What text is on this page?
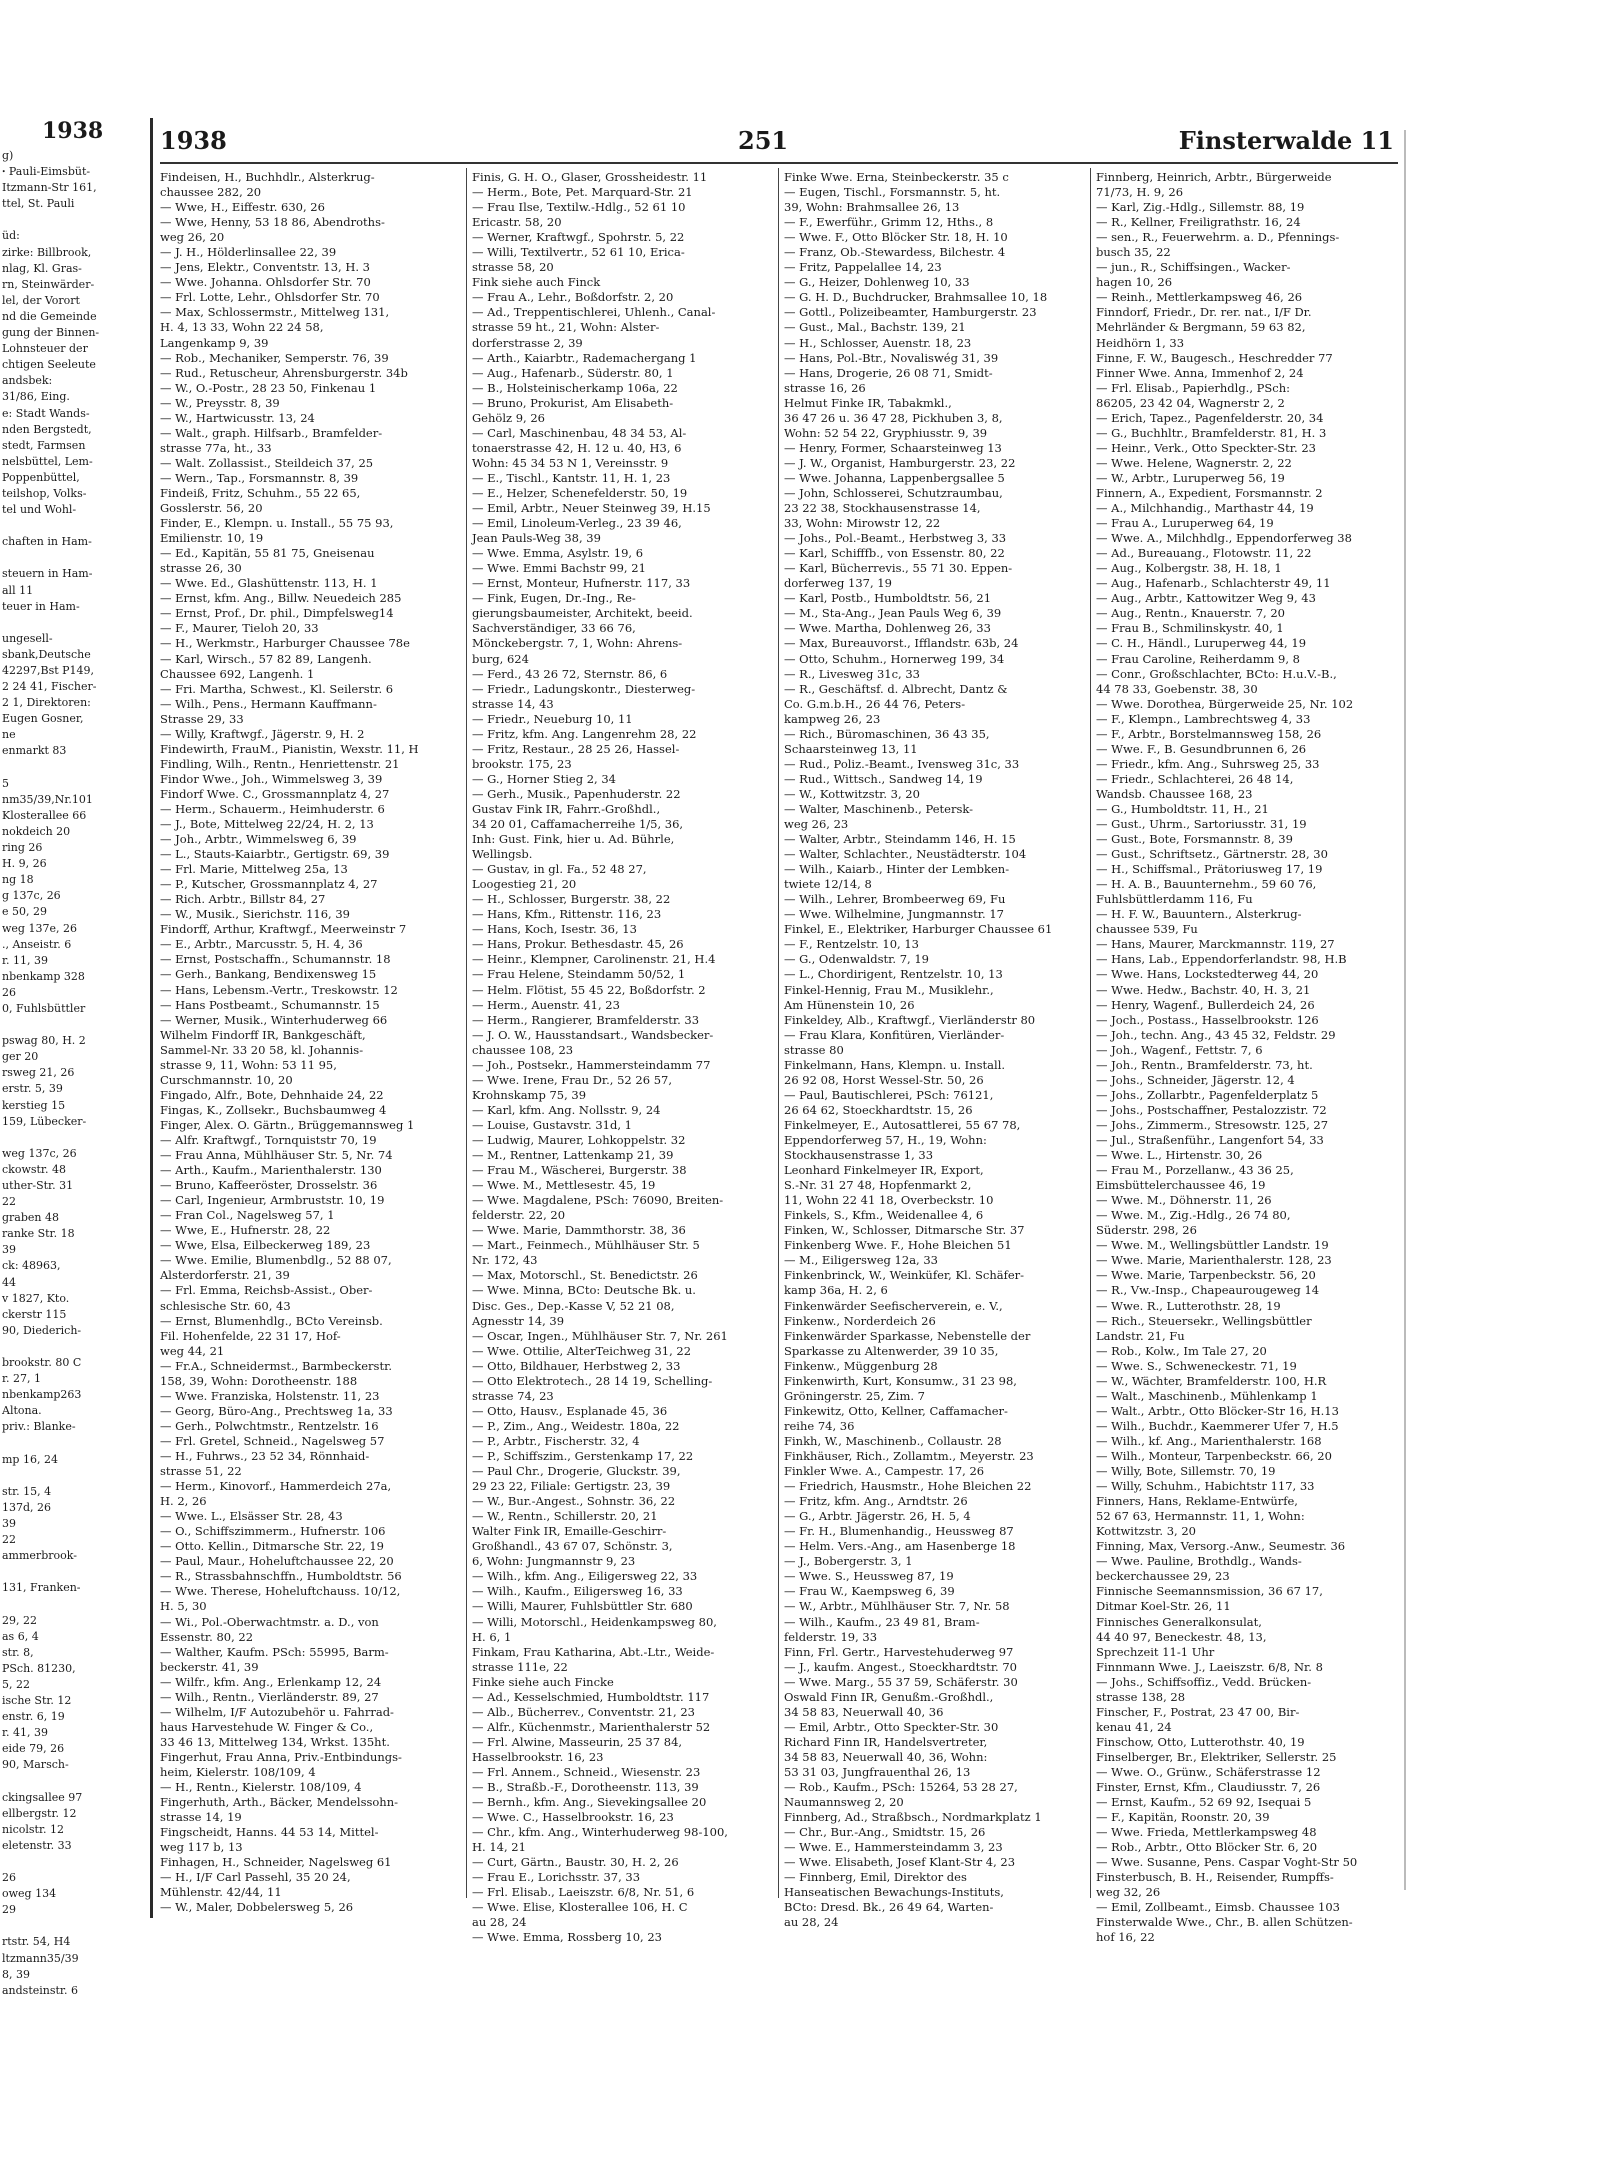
1938
g)
ꞏ Pauli-Eimsbüt-
Itzmann-Str 161,
ttel, St. Pauli

üd:
zirke: Billbrook,
nlag, Kl. Gras-
rn, Steinwärder-
lel, der Vorort
nd die Gemeinde
gung der Binnen-
Lohnsteuer der
chtigen Seeleute
andsbek:
31/86, Eing.
e: Stadt Wands-
nden Bergstedt,
stedt, Farmsen
nelsbüttel, Lem-
Poppenbüttel,
teilshop, Volks-
tel und Wohl-

chaften in Ham-

steuern in Ham-
all 11
teuer in Ham-

ungesell-
sbank,Deutsche
42297,Bst P149,
2 24 41, Fischer-
2 1, Direktoren:
Eugen Gosner,
ne
enmarkt 83

5
nm35/39,Nr.101
Klosterallee 66
nokdeich 20
ring 26
H. 9, 26
ng 18
g 137c, 26
e 50, 29
weg 137e, 26
., Anseistr. 6
r. 11, 39
nbenkamp 328
26
0, Fuhlsbüttler

pswag 80, H. 2
ger 20
rsweg 21, 26
erstr. 5, 39
kerstieg 15
159, Lübecker-

weg 137c, 26
ckowstr. 48
uther-Str. 31
22
graben 48
ranke Str. 18
39
ck: 48963,
44
v 1827, Kto.
ckerstr 115
90, Diederich-

brookstr. 80 C
r. 27, 1
nbenkamp263
Altona.
priv.: Blanke-

mp 16, 24

str. 15, 4
137d, 26
39
22
ammerbrook-

131, Franken-

29, 22
as 6, 4
str. 8,
PSch. 81230,
5, 22
ische Str. 12
enstr. 6, 19
r. 41, 39
eide 79, 26
90, Marsch-

ckingsallee 97
ellbergstr. 12
nicolstr. 12
eletenstr. 33

26
oweg 134
29

rtstr. 54, H4
ltzmann35/39
8, 39
andsteinstr. 6
1938	251	Finsterwalde 11
Findeisen, H., Buchhdlr., Alsterkrug-
chaussee 282, 20
— Wwe, H., Eiffestr. 630, 26
— Wwe, Henny, 53 18 86, Abendroths-
weg 26, 20
— J. H., Hölderlinsallee 22, 39
— Jens, Elektr., Conventstr. 13, H. 3
— Wwe. Johanna. Ohlsdorfer Str. 70
— Frl. Lotte, Lehr., Ohlsdorfer Str. 70
— Max, Schlossermstr., Mittelweg 131,
H. 4, 13 33, Wohn 22 24 58,
Langenkamp 9, 39
— Rob., Mechaniker, Semperstr. 76, 39
— Rud., Retuscheur, Ahrensburgerstr. 34b
— W., O.-Postr., 28 23 50, Finkenau 1
— W., Preysstr. 8, 39
— W., Hartwicusstr. 13, 24
— Walt., graph. Hilfsarb., Bramfelder-
strasse 77a, ht., 33
— Walt. Zollassist., Steildeich 37, 25
— Wern., Tap., Forsmannstr. 8, 39
Findeiß, Fritz, Schuhm., 55 22 65,
Gosslerstr. 56, 20
Finder, E., Klempn. u. Install., 55 75 93,
Emilienstr. 10, 19
— Ed., Kapitän, 55 81 75, Gneisenau
strasse 26, 30
— Wwe. Ed., Glashüttenstr. 113, H. 1
— Ernst, kfm. Ang., Billw. Neuedeich 285
— Ernst, Prof., Dr. phil., Dimpfelsweg14
— F., Maurer, Tieloh 20, 33
— H., Werkmstr., Harburger Chaussee 78e
— Karl, Wirsch., 57 82 89, Langenh.
Chaussee 692, Langenh. 1
— Fri. Martha, Schwest., Kl. Seilerstr. 6
— Wilh., Pens., Hermann Kauffmann-
Strasse 29, 33
— Willy, Kraftwgf., Jägerstr. 9, H. 2
Findewirth, FrauM., Pianistin, Wexstr. 11, H
Findling, Wilh., Rentn., Henriettenstr. 21
Findor Wwe., Joh., Wimmelsweg 3, 39
Findorf Wwe. C., Grossmannplatz 4, 27
— Herm., Schauerm., Heimhuderstr. 6
— J., Bote, Mittelweg 22/24, H. 2, 13
— Joh., Arbtr., Wimmelsweg 6, 39
— L., Stauts-Kaiarbtr., Gertigstr. 69, 39
— Frl. Marie, Mittelweg 25a, 13
— P., Kutscher, Grossmannplatz 4, 27
— Rich. Arbtr., Billstr 84, 27
— W., Musik., Sierichstr. 116, 39
Findorff, Arthur, Kraftwgf., Meerweinstr 7
— E., Arbtr., Marcusstr. 5, H. 4, 36
— Ernst, Postschaffn., Schumannstr. 18
— Gerh., Bankang, Bendixensweg 15
— Hans, Lebensm.-Vertr., Treskowstr. 12
— Hans Postbeamt., Schumannstr. 15
— Werner, Musik., Winterhuderweg 66
Wilhelm Findorff IR, Bankgeschäft,
Sammel-Nr. 33 20 58, kl. Johannis-
strasse 9, 11, Wohn: 53 11 95,
Curschmannstr. 10, 20
Fingado, Alfr., Bote, Dehnhaide 24, 22
Fingas, K., Zollsekr., Buchsbaumweg 4
Finger, Alex. O. Gärtn., Brüggemannsweg 1
— Alfr. Kraftwgf., Tornquiststr 70, 19
— Frau Anna, Mühlhäuser Str. 5, Nr. 74
— Arth., Kaufm., Marienthalerstr. 130
— Bruno, Kaffeeröster, Drosselstr. 36
— Carl, Ingenieur, Armbruststr. 10, 19
— Fran Col., Nagelsweg 57, 1
— Wwe, E., Hufnerstr. 28, 22
— Wwe, Elsa, Eilbeckerweg 189, 23
— Wwe. Emilie, Blumenbdlg., 52 88 07,
Alsterdorferstr. 21, 39
— Frl. Emma, Reichsb-Assist., Ober-
schlesische Str. 60, 43
— Ernst, Blumenhdlg., BCto Vereinsb.
Fil. Hohenfelde, 22 31 17, Hof-
weg 44, 21
— Fr.A., Schneidermst., Barmbeckerstr.
158, 39, Wohn: Dorotheenstr. 188
— Wwe. Franziska, Holstenstr. 11, 23
— Georg, Büro-Ang., Prechtsweg 1a, 33
— Gerh., Polwchtmstr., Rentzelstr. 16
— Frl. Gretel, Schneid., Nagelsweg 57
— H., Fuhrws., 23 52 34, Rönnhaid-
strasse 51, 22
— Herm., Kinovorf., Hammerdeich 27a,
H. 2, 26
— Wwe. L., Elsässer Str. 28, 43
— O., Schiffszimmerm., Hufnerstr. 106
— Otto. Kellin., Ditmarsche Str. 22, 19
— Paul, Maur., Hoheluftchaussee 22, 20
— R., Strassbahnschffn., Humboldtstr. 56
— Wwe. Therese, Hoheluftchauss. 10/12,
H. 5, 30
— Wi., Pol.-Oberwachtmstr. a. D., von
Essenstr. 80, 22
— Walther, Kaufm. PSch: 55995, Barm-
beckerstr. 41, 39
— Wilfr., kfm. Ang., Erlenkamp 12, 24
— Wilh., Rentn., Vierländerstr. 89, 27
— Wilhelm, I/F Autozubehör u. Fahrrad-
haus Harvestehude W. Finger & Co.,
33 46 13, Mittelweg 134, Wrkst. 135ht.
Fingerhut, Frau Anna, Priv.-Entbindungs-
heim, Kielerstr. 108/109, 4
— H., Rentn., Kielerstr. 108/109, 4
Fingerhuth, Arth., Bäcker, Mendelssohn-
strasse 14, 19
Fingscheidt, Hanns. 44 53 14, Mittel-
weg 117 b, 13
Finhagen, H., Schneider, Nagelsweg 61
— H., I/F Carl Passehl, 35 20 24,
Mühlenstr. 42/44, 11
— W., Maler, Dobbelersweg 5, 26
Finis, G. H. O., Glaser, Grossheidestr. 11
— Herm., Bote, Pet. Marquard-Str. 21
— Frau Ilse, Textilw.-Hdlg., 52 61 10
Ericastr. 58, 20
— Werner, Kraftwgf., Spohrstr. 5, 22
— Willi, Textilvertr., 52 61 10, Erica-
strasse 58, 20
Fink siehe auch Finck
— Frau A., Lehr., Boßdorfstr. 2, 20
— Ad., Treppentischlerei, Uhlenh., Canal-
strasse 59 ht., 21, Wohn: Alster-
dorferstrasse 2, 39
— Arth., Kaiarbtr., Rademachergang 1
— Aug., Hafenarb., Süderstr. 80, 1
— B., Holsteinischerkamp 106a, 22
— Bruno, Prokurist, Am Elisabeth-
Gehölz 9, 26
— Carl, Maschinenbau, 48 34 53, Al-
tonaerstrasse 42, H. 12 u. 40, H3, 6
Wohn: 45 34 53 N 1, Vereinsstr. 9
— E., Tischl., Kantstr. 11, H. 1, 23
— E., Helzer, Schenefelderstr. 50, 19
— Emil, Arbtr., Neuer Steinweg 39, H.15
— Emil, Linoleum-Verleg., 23 39 46,
Jean Pauls-Weg 38, 39
— Wwe. Emma, Asylstr. 19, 6
— Wwe. Emmi Bachstr 99, 21
— Ernst, Monteur, Hufnerstr. 117, 33
— Fink, Eugen, Dr.-Ing., Re-
gierungsbaumeister, Architekt, beeid.
Sachverständiger, 33 66 76,
Mönckebergstr. 7, 1, Wohn: Ahrens-
burg, 624
— Ferd., 43 26 72, Sternstr. 86, 6
— Friedr., Ladungskontr., Diesterweg-
strasse 14, 43
— Friedr., Neueburg 10, 11
— Fritz, kfm. Ang. Langenrehm 28, 22
— Fritz, Restaur., 28 25 26, Hassel-
brookstr. 175, 23
— G., Horner Stieg 2, 34
— Gerh., Musik., Papenhuderstr. 22
Gustav Fink IR, Fahrr.-Großhdl.,
34 20 01, Caffamacherreihe 1/5, 36,
Inh: Gust. Fink, hier u. Ad. Bührle,
Wellingsb.
— Gustav, in gl. Fa., 52 48 27,
Loogestieg 21, 20
— H., Schlosser, Burgerstr. 38, 22
— Hans, Kfm., Rittenstr. 116, 23
— Hans, Koch, Isestr. 36, 13
— Hans, Prokur. Bethesdastr. 45, 26
— Heinr., Klempner, Carolinenstr. 21, H.4
— Frau Helene, Steindamm 50/52, 1
— Helm. Flötist, 55 45 22, Boßdorfstr. 2
— Herm., Auenstr. 41, 23
— Herm., Rangierer, Bramfelderstr. 33
— J. O. W., Hausstandsart., Wandsbecker-
chaussee 108, 23
— Joh., Postsekr., Hammersteindamm 77
— Wwe. Irene, Frau Dr., 52 26 57,
Krohnskamp 75, 39
— Karl, kfm. Ang. Nollsstr. 9, 24
— Louise, Gustavstr. 31d, 1
— Ludwig, Maurer, Lohkoppelstr. 32
— M., Rentner, Lattenkamp 21, 39
— Frau M., Wäscherei, Burgerstr. 38
— Wwe. M., Mettlesestr. 45, 19
— Wwe. Magdalene, PSch: 76090, Breiten-
felderstr. 22, 20
— Wwe. Marie, Dammthorstr. 38, 36
— Mart., Feinmech., Mühlhäuser Str. 5
Nr. 172, 43
— Max, Motorschl., St. Benedictstr. 26
— Wwe. Minna, BCto: Deutsche Bk. u.
Disc. Ges., Dep.-Kasse V, 52 21 08,
Agnesstr 14, 39
— Oscar, Ingen., Mühlhäuser Str. 7, Nr. 261
— Wwe. Ottilie, AlterTeichweg 31, 22
— Otto, Bildhauer, Herbstweg 2, 33
— Otto Elektrotech., 28 14 19, Schelling-
strasse 74, 23
— Otto, Hausv., Esplanade 45, 36
— P., Zim., Ang., Weidestr. 180a, 22
— P., Arbtr., Fischerstr. 32, 4
— P., Schiffszim., Gerstenkamp 17, 22
— Paul Chr., Drogerie, Gluckstr. 39,
29 23 22, Filiale: Gertigstr. 23, 39
— W., Bur.-Angest., Sohnstr. 36, 22
— W., Rentn., Schillerstr. 20, 21
Walter Fink IR, Emaille-Geschirr-
Großhandl., 43 67 07, Schönstr. 3,
6, Wohn: Jungmannstr 9, 23
— Wilh., kfm. Ang., Eiligersweg 22, 33
— Wilh., Kaufm., Eiligersweg 16, 33
— Willi, Maurer, Fuhlsbüttler Str. 680
— Willi, Motorschl., Heidenkampsweg 80,
H. 6, 1
Finkam, Frau Katharina, Abt.-Ltr., Weide-
strasse 111e, 22
Finke siehe auch Fincke
— Ad., Kesselschmied, Humboldtstr. 117
— Alb., Bücherrev., Conventstr. 21, 23
— Alfr., Küchenmstr., Marienthalerstr 52
— Frl. Alwine, Masseurin, 25 37 84,
Hasselbrookstr. 16, 23
— Frl. Annem., Schneid., Wiesenstr. 23
— B., Straßb.-F., Dorotheenstr. 113, 39
— Bernh., kfm. Ang., Sievekingsallee 20
— Wwe. C., Hasselbrookstr. 16, 23
— Chr., kfm. Ang., Winterhuderweg 98-100,
H. 14, 21
— Curt, Gärtn., Baustr. 30, H. 2, 26
— Frau E., Lorichsstr. 37, 33
— Frl. Elisab., Laeiszstr. 6/8, Nr. 51, 6
— Wwe. Elise, Klosterallee 106, H. C
au 28, 24
— Wwe. Emma, Rossberg 10, 23
Finke Wwe. Erna, Steinbeckerstr. 35 c
— Eugen, Tischl., Forsmannstr. 5, ht.
39, Wohn: Brahmsallee 26, 13
— F., Ewerführ., Grimm 12, Hths., 8
— Wwe. F., Otto Blöcker Str. 18, H. 10
— Franz, Ob.-Stewardess, Bilchestr. 4
— Fritz, Pappelallee 14, 23
— G., Heizer, Dohlenweg 10, 33
— G. H. D., Buchdrucker, Brahmsallee 10, 18
— Gottl., Polizeibeamter, Hamburgerstr. 23
— Gust., Mal., Bachstr. 139, 21
— H., Schlosser, Auenstr. 18, 23
— Hans, Pol.-Btr., Novaliswég 31, 39
— Hans, Drogerie, 26 08 71, Smidt-
strasse 16, 26
Helmut Finke IR, Tabakmkl.,
36 47 26 u. 36 47 28, Pickhuben 3, 8,
Wohn: 52 54 22, Gryphiusstr. 9, 39
— Henry, Former, Schaarsteinweg 13
— J. W., Organist, Hamburgerstr. 23, 22
— Wwe. Johanna, Lappenbergsallee 5
— John, Schlosserei, Schutzraumbau,
23 22 38, Stockhausenstrasse 14,
33, Wohn: Mirowstr 12, 22
— Johs., Pol.-Beamt., Herbstweg 3, 33
— Karl, Schifffb., von Essenstr. 80, 22
— Karl, Bücherrevis., 55 71 30. Eppen-
dorferweg 137, 19
— Karl, Postb., Humboldtstr. 56, 21
— M., Sta-Ang., Jean Pauls Weg 6, 39
— Wwe. Martha, Dohlenweg 26, 33
— Max, Bureauvorst., Ifflandstr. 63b, 24
— Otto, Schuhm., Hornerweg 199, 34
— R., Livesweg 31c, 33
— R., Geschäftsf. d. Albrecht, Dantz &
Co. G.m.b.H., 26 44 76, Peters-
kampweg 26, 23
— Rich., Büromaschinen, 36 43 35,
Schaarsteinweg 13, 11
— Rud., Poliz.-Beamt., Ivensweg 31c, 33
— Rud., Wittsch., Sandweg 14, 19
— W., Kottwitzstr. 3, 20
— Walter, Maschinenb., Petersk-
weg 26, 23
— Walter, Arbtr., Steindamm 146, H. 15
— Walter, Schlachter., Neustädterstr. 104
— Wilh., Kaiarb., Hinter der Lembken-
twiete 12/14, 8
— Wilh., Lehrer, Brombeerweg 69, Fu
— Wwe. Wilhelmine, Jungmannstr. 17
Finkel, E., Elektriker, Harburger Chaussee 61
— F., Rentzelstr. 10, 13
— G., Odenwaldstr. 7, 19
— L., Chordirigent, Rentzelstr. 10, 13
Finkel-Hennig, Frau M., Musiklehr.,
Am Hünenstein 10, 26
Finkeldey, Alb., Kraftwgf., Vierländerstr 80
— Frau Klara, Konfitüren, Vierländer-
strasse 80
Finkelmann, Hans, Klempn. u. Install.
26 92 08, Horst Wessel-Str. 50, 26
— Paul, Bautischlerei, PSch: 76121,
26 64 62, Stoeckhardtstr. 15, 26
Finkelmeyer, E., Autosattlerei, 55 67 78,
Eppendorferweg 57, H., 19, Wohn:
Stockhausenstrasse 1, 33
Leonhard Finkelmeyer IR, Export,
S.-Nr. 31 27 48, Hopfenmarkt 2,
11, Wohn 22 41 18, Overbeckstr. 10
Finkels, S., Kfm., Weidenallee 4, 6
Finken, W., Schlosser, Ditmarsche Str. 37
Finkenberg Wwe. F., Hohe Bleichen 51
— M., Eiligersweg 12a, 33
Finkenbrinck, W., Weinküfer, Kl. Schäfer-
kamp 36a, H. 2, 6
Finkenwärder Seefischerverein, e. V.,
Finkenw., Norderdeich 26
Finkenwärder Sparkasse, Nebenstelle der
Sparkasse zu Altenwerder, 39 10 35,
Finkenw., Müggenburg 28
Finkenwirth, Kurt, Konsumw., 31 23 98,
Gröningerstr. 25, Zim. 7
Finkewitz, Otto, Kellner, Caffamacher-
reihe 74, 36
Finkh, W., Maschinenb., Collaustr. 28
Finkhäuser, Rich., Zollamtm., Meyerstr. 23
Finkler Wwe. A., Campestr. 17, 26
— Friedrich, Hausmstr., Hohe Bleichen 22
— Fritz, kfm. Ang., Arndtstr. 26
— G., Arbtr. Jägerstr. 26, H. 5, 4
— Fr. H., Blumenhandig., Heussweg 87
— Helm. Vers.-Ang., am Hasenberge 18
— J., Bobergerstr. 3, 1
— Wwe. S., Heussweg 87, 19
— Frau W., Kaempsweg 6, 39
— W., Arbtr., Mühlhäuser Str. 7, Nr. 58
— Wilh., Kaufm., 23 49 81, Bram-
felderstr. 19, 33
Finn, Frl. Gertr., Harvestehuderweg 97
— J., kaufm. Angest., Stoeckhardtstr. 70
— Wwe. Marg., 55 37 59, Schäferstr. 30
Oswald Finn IR, Genußm.-Großhdl.,
34 58 83, Neuerwall 40, 36
— Emil, Arbtr., Otto Speckter-Str. 30
Richard Finn IR, Handelsvertreter,
34 58 83, Neuerwall 40, 36, Wohn:
53 31 03, Jungfrauenthal 26, 13
— Rob., Kaufm., PSch: 15264, 53 28 27,
Naumannsweg 2, 20
Finnberg, Ad., Straßbsch., Nordmarkplatz 1
— Chr., Bur.-Ang., Smidtstr. 15, 26
— Wwe. E., Hammersteindamm 3, 23
— Wwe. Elisabeth, Josef Klant-Str 4, 23
— Finnberg, Emil, Direktor des
Hanseatischen Bewachungs-Instituts,
BCto: Dresd. Bk., 26 49 64, Warten-
au 28, 24
Finnberg, Heinrich, Arbtr., Bürgerweide
71/73, H. 9, 26
— Karl, Zig.-Hdlg., Sillemstr. 88, 19
— R., Kellner, Freiligrathstr. 16, 24
— sen., R., Feuerwehrm. a. D., Pfennings-
busch 35, 22
— jun., R., Schiffsingen., Wacker-
hagen 10, 26
— Reinh., Mettlerkampsweg 46, 26
Finndorf, Friedr., Dr. rer. nat., I/F Dr.
Mehrländer & Bergmann, 59 63 82,
Heidhörn 1, 33
Finne, F. W., Baugesch., Heschredder 77
Finner Wwe. Anna, Immenhof 2, 24
— Frl. Elisab., Papierhdlg., PSch:
86205, 23 42 04, Wagnerstr 2, 2
— Erich, Tapez., Pagenfelderstr. 20, 34
— G., Buchhltr., Bramfelderstr. 81, H. 3
— Heinr., Verk., Otto Speckter-Str. 23
— Wwe. Helene, Wagnerstr. 2, 22
— W., Arbtr., Luruperweg 56, 19
Finnern, A., Expedient, Forsmannstr. 2
— A., Milchhandig., Marthastr 44, 19
— Frau A., Luruperweg 64, 19
— Wwe. A., Milchhdlg., Eppendorferweg 38
— Ad., Bureauang., Flotowstr. 11, 22
— Aug., Kolbergstr. 38, H. 18, 1
— Aug., Hafenarb., Schlachterstr 49, 11
— Aug., Arbtr., Kattowitzer Weg 9, 43
— Aug., Rentn., Knauerstr. 7, 20
— Frau B., Schmilinskystr. 40, 1
— C. H., Händl., Luruperweg 44, 19
— Frau Caroline, Reiherdamm 9, 8
— Conr., Großschlachter, BCto: H.u.V.-B.,
44 78 33, Goebenstr. 38, 30
— Wwe. Dorothea, Bürgerweide 25, Nr. 102
— F., Klempn., Lambrechtsweg 4, 33
— F., Arbtr., Borstelmannsweg 158, 26
— Wwe. F., B. Gesundbrunnen 6, 26
— Friedr., kfm. Ang., Suhrsweg 25, 33
— Friedr., Schlachterei, 26 48 14,
Wandsb. Chaussee 168, 23
— G., Humboldtstr. 11, H., 21
— Gust., Uhrm., Sartoriusstr. 31, 19
— Gust., Bote, Forsmannstr. 8, 39
— Gust., Schriftsetz., Gärtnerstr. 28, 30
— H., Schiffsmal., Prätoriusweg 17, 19
— H. A. B., Bauunternehm., 59 60 76,
Fuhlsbüttlerdamm 116, Fu
— H. F. W., Bauuntern., Alsterkrug-
chaussee 539, Fu
— Hans, Maurer, Marckmannstr. 119, 27
— Hans, Lab., Eppendorferlandstr. 98, H.B
— Wwe. Hans, Lockstedterweg 44, 20
— Wwe. Hedw., Bachstr. 40, H. 3, 21
— Henry, Wagenf., Bullerdeich 24, 26
— Joch., Postass., Hasselbrookstr. 126
— Joh., techn. Ang., 43 45 32, Feldstr. 29
— Joh., Wagenf., Fettstr. 7, 6
— Joh., Rentn., Bramfelderstr. 73, ht.
— Johs., Schneider, Jägerstr. 12, 4
— Johs., Zollarbtr., Pagenfelderplatz 5
— Johs., Postschaffner, Pestalozzistr. 72
— Johs., Zimmerm., Stresowstr. 125, 27
— Jul., Straßenführ., Langenfort 54, 33
— Wwe. L., Hirtenstr. 30, 26
— Frau M., Porzellanw., 43 36 25,
Eimsbüttelerchaussee 46, 19
— Wwe. M., Döhnerstr. 11, 26
— Wwe. M., Zig.-Hdlg., 26 74 80,
Süderstr. 298, 26
— Wwe. M., Wellingsbüttler Landstr. 19
— Wwe. Marie, Marienthalerstr. 128, 23
— Wwe. Marie, Tarpenbeckstr. 56, 20
— R., Vw.-Insp., Chapeaurougeweg 14
— Wwe. R., Lutterothstr. 28, 19
— Rich., Steuersekr., Wellingsbüttler
Landstr. 21, Fu
— Rob., Kolw., Im Tale 27, 20
— Wwe. S., Schweneckestr. 71, 19
— W., Wächter, Bramfelderstr. 100, H.R
— Walt., Maschinenb., Mühlenkamp 1
— Walt., Arbtr., Otto Blöcker-Str 16, H.13
— Wilh., Buchdr., Kaemmerer Ufer 7, H.5
— Wilh., kf. Ang., Marienthalerstr. 168
— Wilh., Monteur, Tarpenbeckstr. 66, 20
— Willy, Bote, Sillemstr. 70, 19
— Willy, Schuhm., Habichtstr 117, 33
Finners, Hans, Reklame-Entwürfe,
52 67 63, Hermannstr. 11, 1, Wohn:
Kottwitzstr. 3, 20
Finning, Max, Versorg.-Anw., Seumestr. 36
— Wwe. Pauline, Brothdlg., Wands-
beckerchaussee 29, 23
Finnische Seemannsmission, 36 67 17,
Ditmar Koel-Str. 26, 11
Finnisches Generalkonsulat,
44 40 97, Beneckestr. 48, 13,
Sprechzeit 11-1 Uhr
Finnmann Wwe. J., Laeiszstr. 6/8, Nr. 8
— Johs., Schiffsoffiz., Vedd. Brücken-
strasse 138, 28
Finscher, F., Postrat, 23 47 00, Bir-
kenau 41, 24
Finschow, Otto, Lutterothstr. 40, 19
Finselberger, Br., Elektriker, Sellerstr. 25
— Wwe. O., Grünw., Schäferstrasse 12
Finster, Ernst, Kfm., Claudiusstr. 7, 26
— Ernst, Kaufm., 52 69 92, Isequai 5
— F., Kapitän, Roonstr. 20, 39
— Wwe. Frieda, Mettlerkampsweg 48
— Rob., Arbtr., Otto Blöcker Str. 6, 20
— Wwe. Susanne, Pens. Caspar Voght-Str 50
Finsterbusch, B. H., Reisender, Rumpffs-
weg 32, 26
— Emil, Zollbeamt., Eimsb. Chaussee 103
Finsterwalde Wwe., Chr., B. allen Schützen-
hof 16, 22
